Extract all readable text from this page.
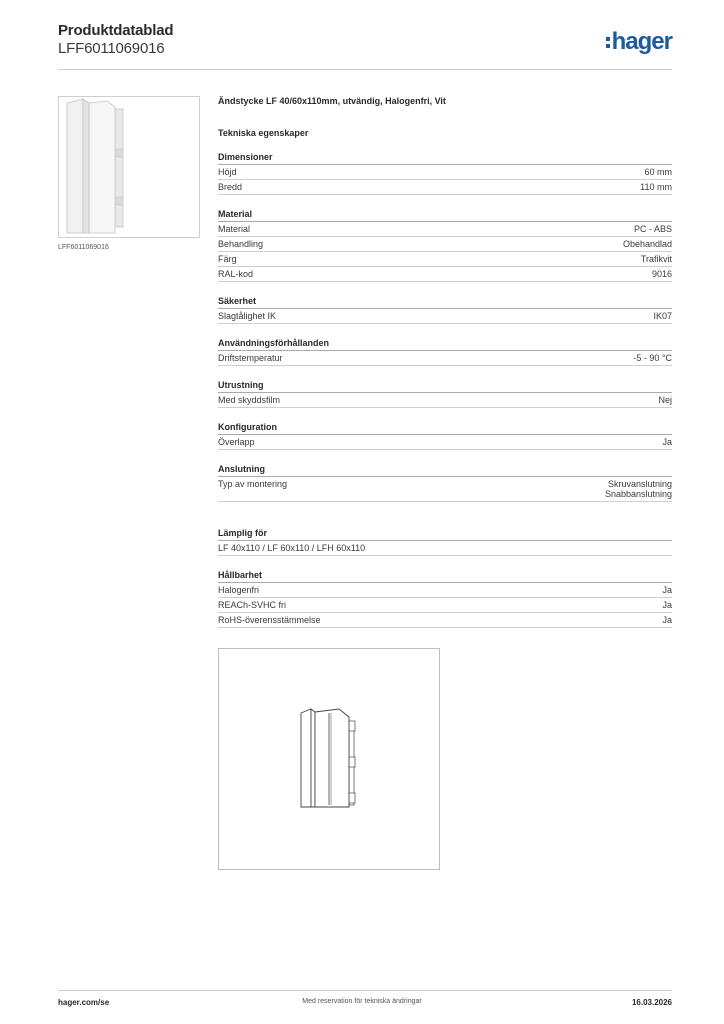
Produktdatablad
LFF6011069016	hager
LFF6011069016
Ändstycke LF 40/60x110mm, utvändig, Halogenfri, Vit
Tekniska egenskaper
Dimensioner
Höjd	60 mm
Bredd	110 mm
Material
Material	PC - ABS
Behandling	Obehandlad
Färg	Trafikvit
RAL-kod	9016
Säkerhet
Slagtålighet IK	IK07
Användningsförhållanden
Driftstemperatur	-5 - 90 °C
Utrustning
Med skyddsfilm	Nej
Konfiguration
Överlapp	Ja
Anslutning
Typ av montering	Skruvanslutning
Snabbanslutning
Lämplig för
LF 40x110 / LF 60x110 / LFH 60x110
Hållbarhet
Halogenfri	Ja
REACh-SVHC fri	Ja
RoHS-överensstämmelse	Ja
hager.com/se	Med reservation för tekniska ändringar	16.03.2026
